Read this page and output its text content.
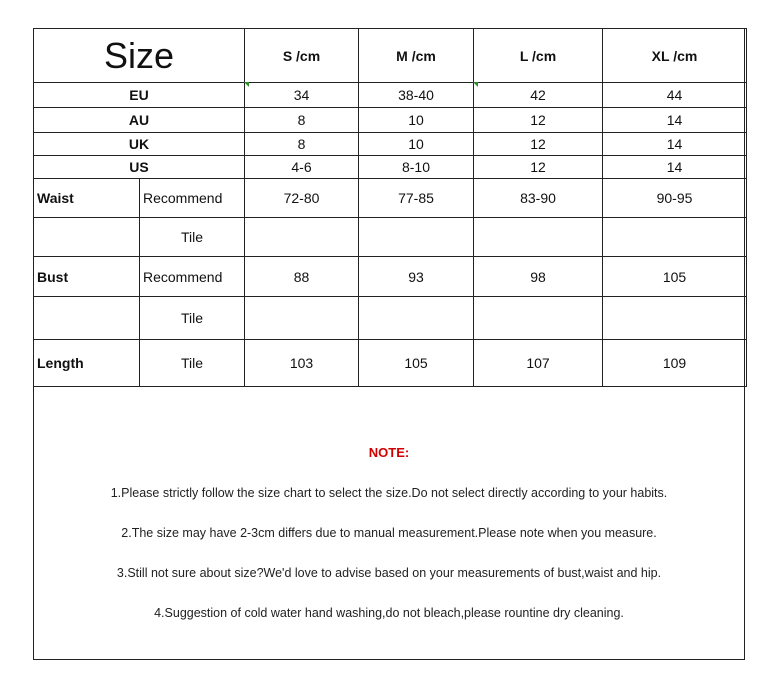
Size		S /cm	M /cm	L /cm	XL /cm
EU		34	38-40	42	44
AU		8	10	12	14
UK		8	10	12	14
US		4-6	8-10	12	14
Waist	Recommend	72-80	77-85	83-90	90-95
	Tile				
Bust	Recommend	88	93	98	105
	Tile				
Length	Tile	103	105	107	109
NOTE:
1.Please strictly follow the size chart to select the size.Do not select directly according to your habits.
2.The size may have 2-3cm differs due to manual measurement.Please note when you measure.
3.Still not sure about size?We'd love to advise based on your measurements of bust,waist and hip.
4.Suggestion of cold water hand washing,do not bleach,please rountine dry cleaning.
